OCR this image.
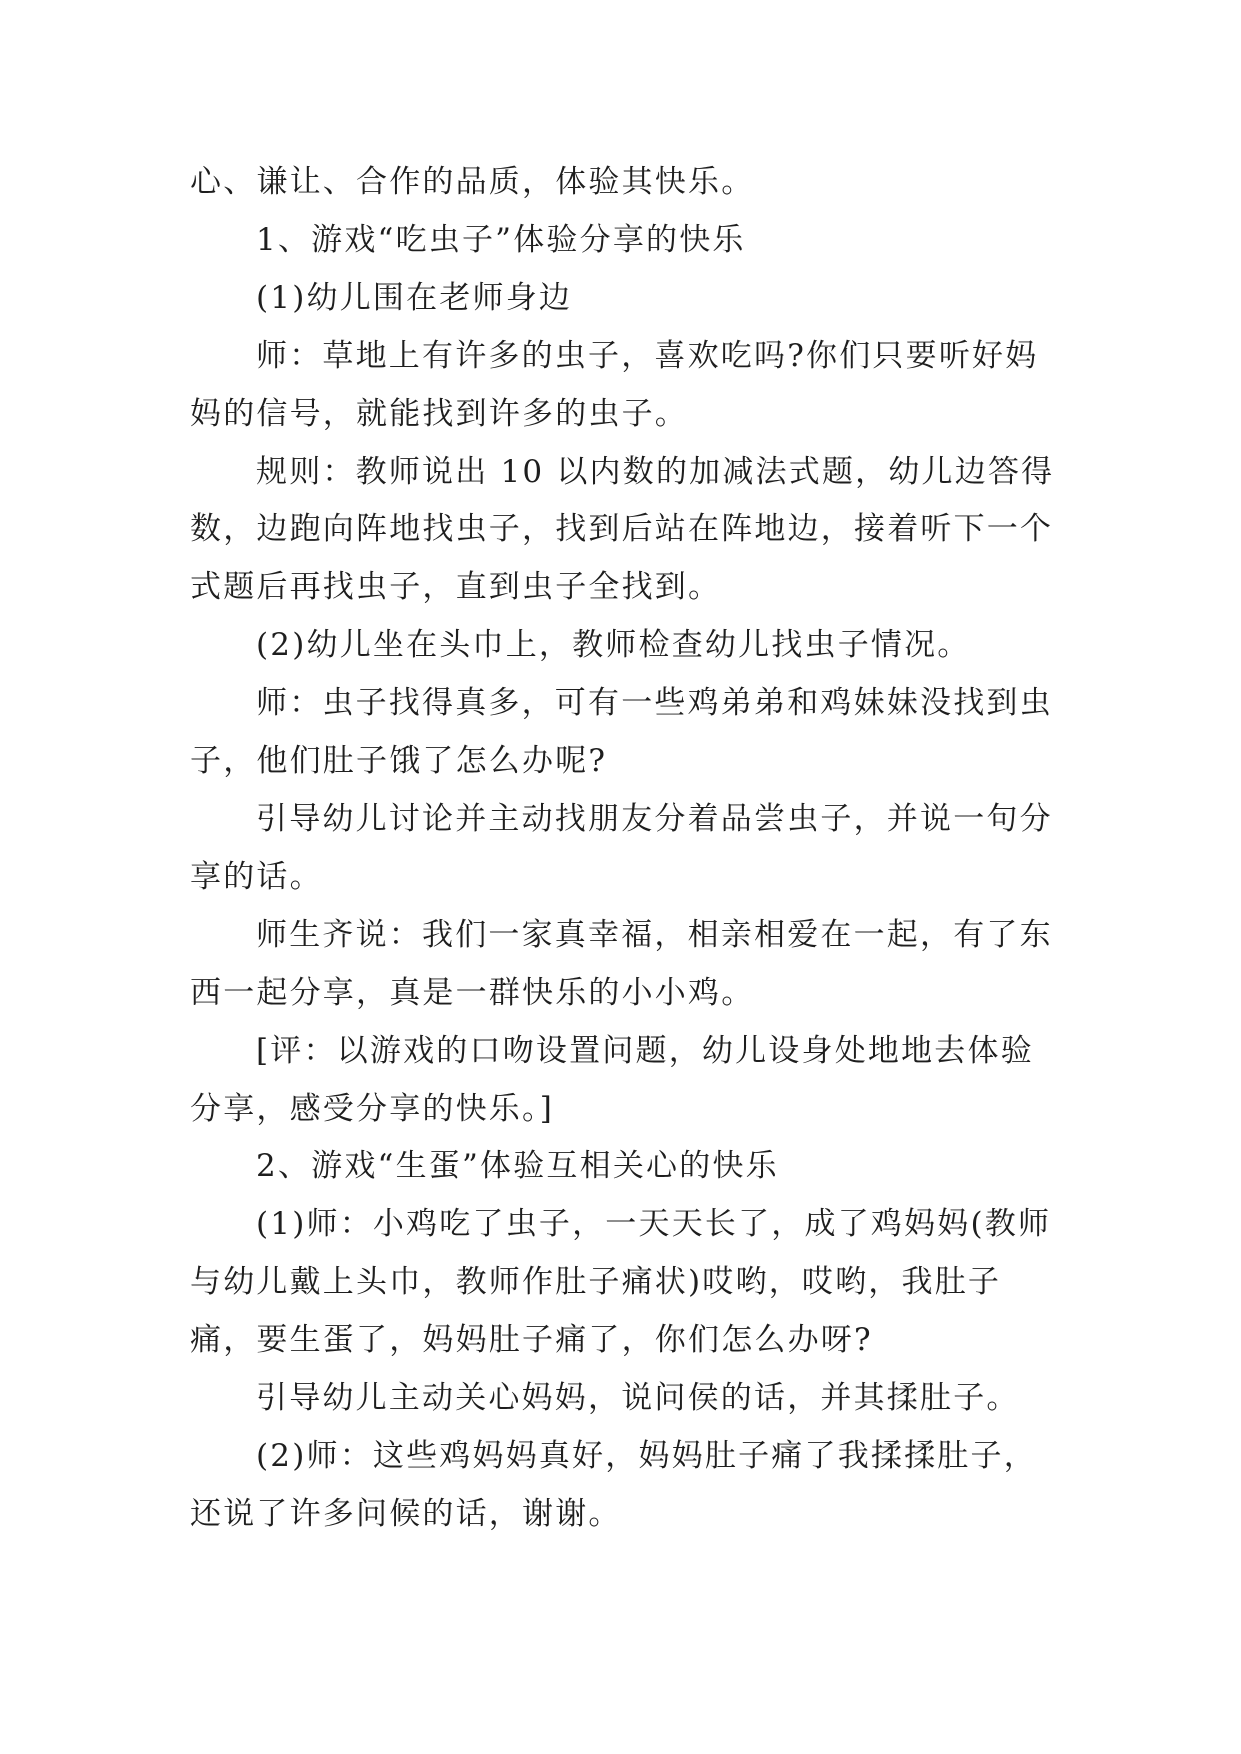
心、谦让、合作的品质，体验其快乐。

1、游戏“吃虫子”体验分享的快乐

(1)幼儿围在老师身边

师：草地上有许多的虫子，喜欢吃吗?你们只要听好妈妈的信号，就能找到许多的虫子。

规则：教师说出 10 以内数的加减法式题，幼儿边答得数，边跑向阵地找虫子，找到后站在阵地边，接着听下一个式题后再找虫子，直到虫子全找到。

(2)幼儿坐在头巾上，教师检查幼儿找虫子情况。

师：虫子找得真多，可有一些鸡弟弟和鸡妹妹没找到虫子，他们肚子饿了怎么办呢?

引导幼儿讨论并主动找朋友分着品尝虫子，并说一句分享的话。

师生齐说：我们一家真幸福，相亲相爱在一起，有了东西一起分享，真是一群快乐的小小鸡。

[评：以游戏的口吻设置问题，幼儿设身处地地去体验分享，感受分享的快乐。]

2、游戏“生蛋”体验互相关心的快乐

(1)师：小鸡吃了虫子，一天天长了，成了鸡妈妈(教师与幼儿戴上头巾，教师作肚子痛状)哎哟，哎哟，我肚子痛，要生蛋了，妈妈肚子痛了，你们怎么办呀?

引导幼儿主动关心妈妈，说问侯的话，并其揉肚子。

(2)师：这些鸡妈妈真好，妈妈肚子痛了我揉揉肚子，还说了许多问候的话，谢谢。
